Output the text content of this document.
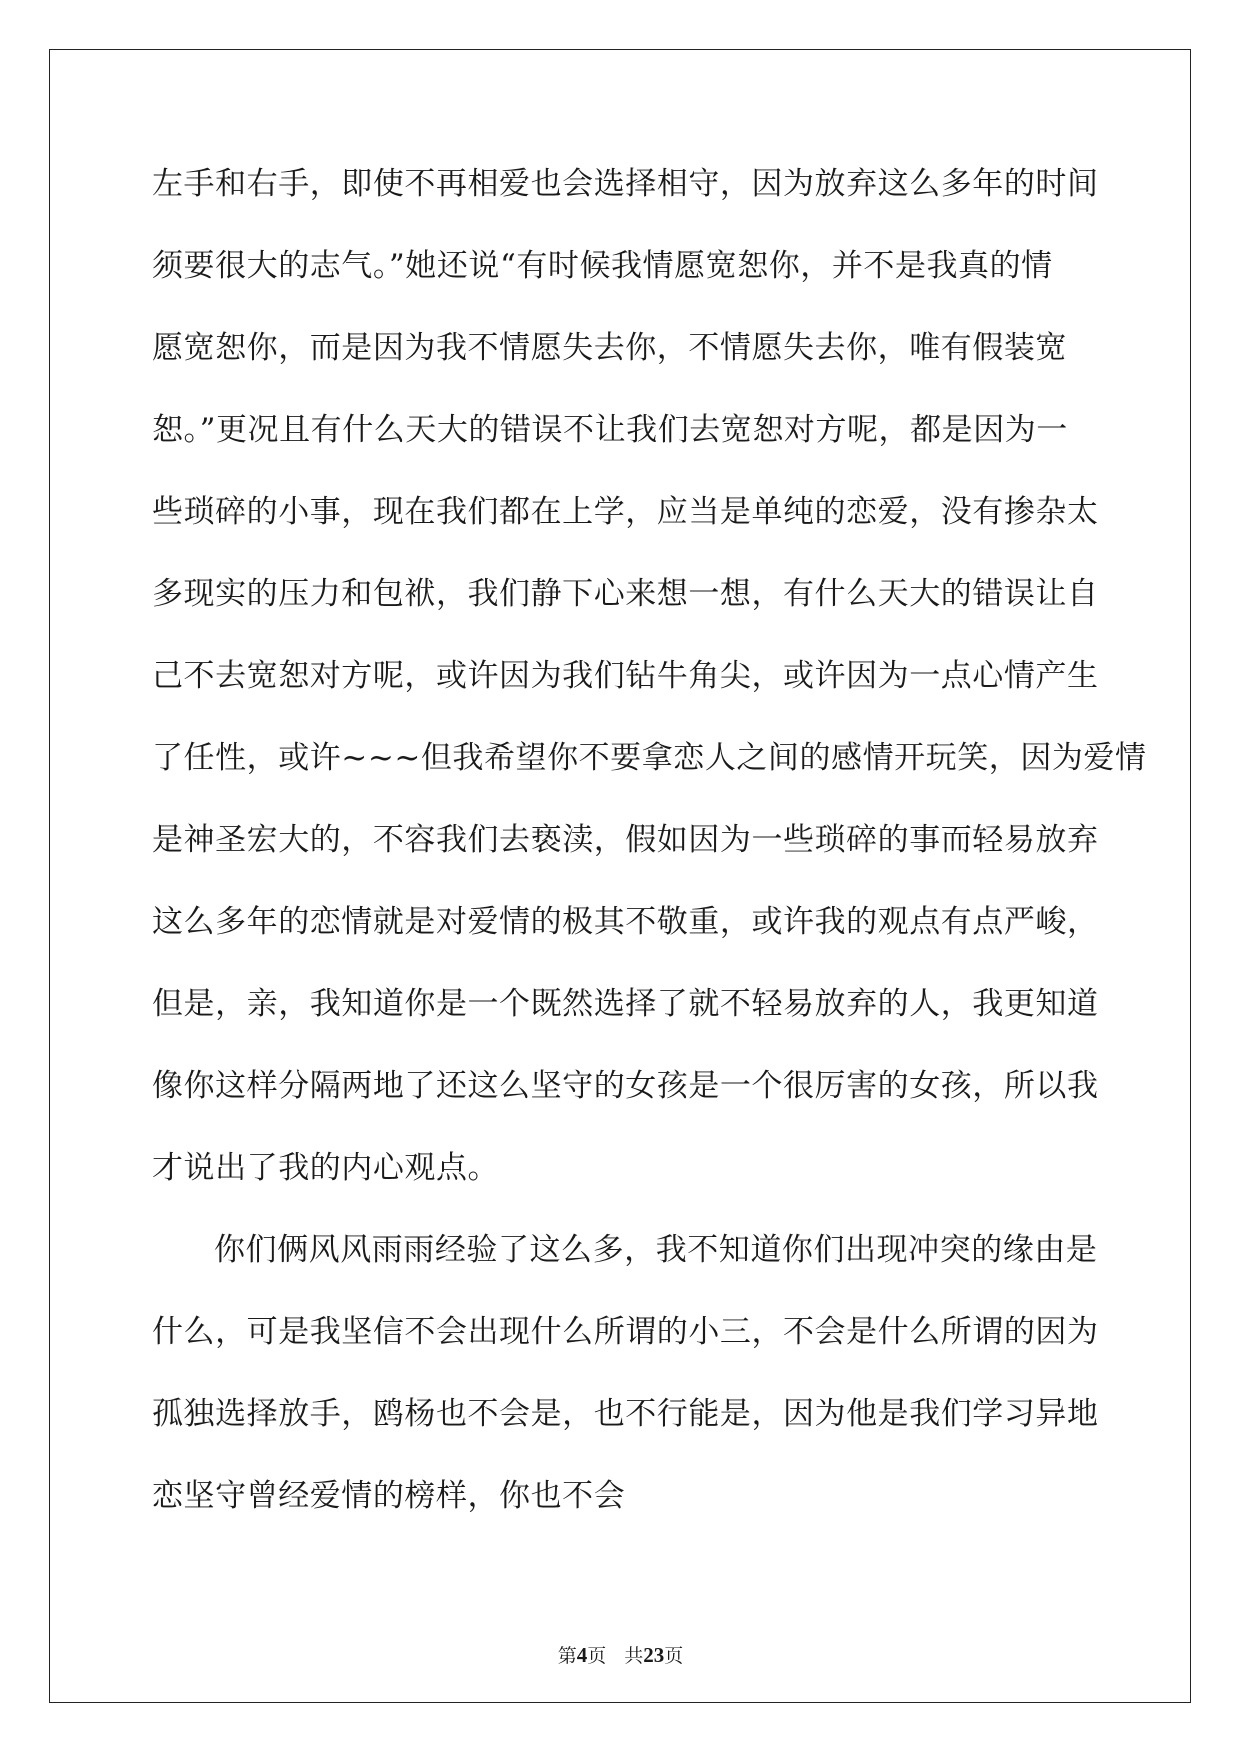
左手和右手，即使不再相爱也会选择相守，因为放弃这么多年的时间
须要很大的志气。”她还说“有时候我情愿宽恕你，并不是我真的情
愿宽恕你，而是因为我不情愿失去你，不情愿失去你，唯有假装宽
恕。”更况且有什么天大的错误不让我们去宽恕对方呢，都是因为一
些琐碎的小事，现在我们都在上学，应当是单纯的恋爱，没有掺杂太
多现实的压力和包袱，我们静下心来想一想，有什么天大的错误让自
己不去宽恕对方呢，或许因为我们钻牛角尖，或许因为一点心情产生
了任性，或许~~~但我希望你不要拿恋人之间的感情开玩笑，因为爱情
是神圣宏大的，不容我们去亵渎，假如因为一些琐碎的事而轻易放弃
这么多年的恋情就是对爱情的极其不敬重，或许我的观点有点严峻，
但是，亲，我知道你是一个既然选择了就不轻易放弃的人，我更知道
像你这样分隔两地了还这么坚守的女孩是一个很厉害的女孩，所以我
才说出了我的内心观点。
你们俩风风雨雨经验了这么多，我不知道你们出现冲突的缘由是
什么，可是我坚信不会出现什么所谓的小三，不会是什么所谓的因为
孤独选择放手，鸥杨也不会是，也不行能是，因为他是我们学习异地
恋坚守曾经爱情的榜样，你也不会
第4页 共23页
